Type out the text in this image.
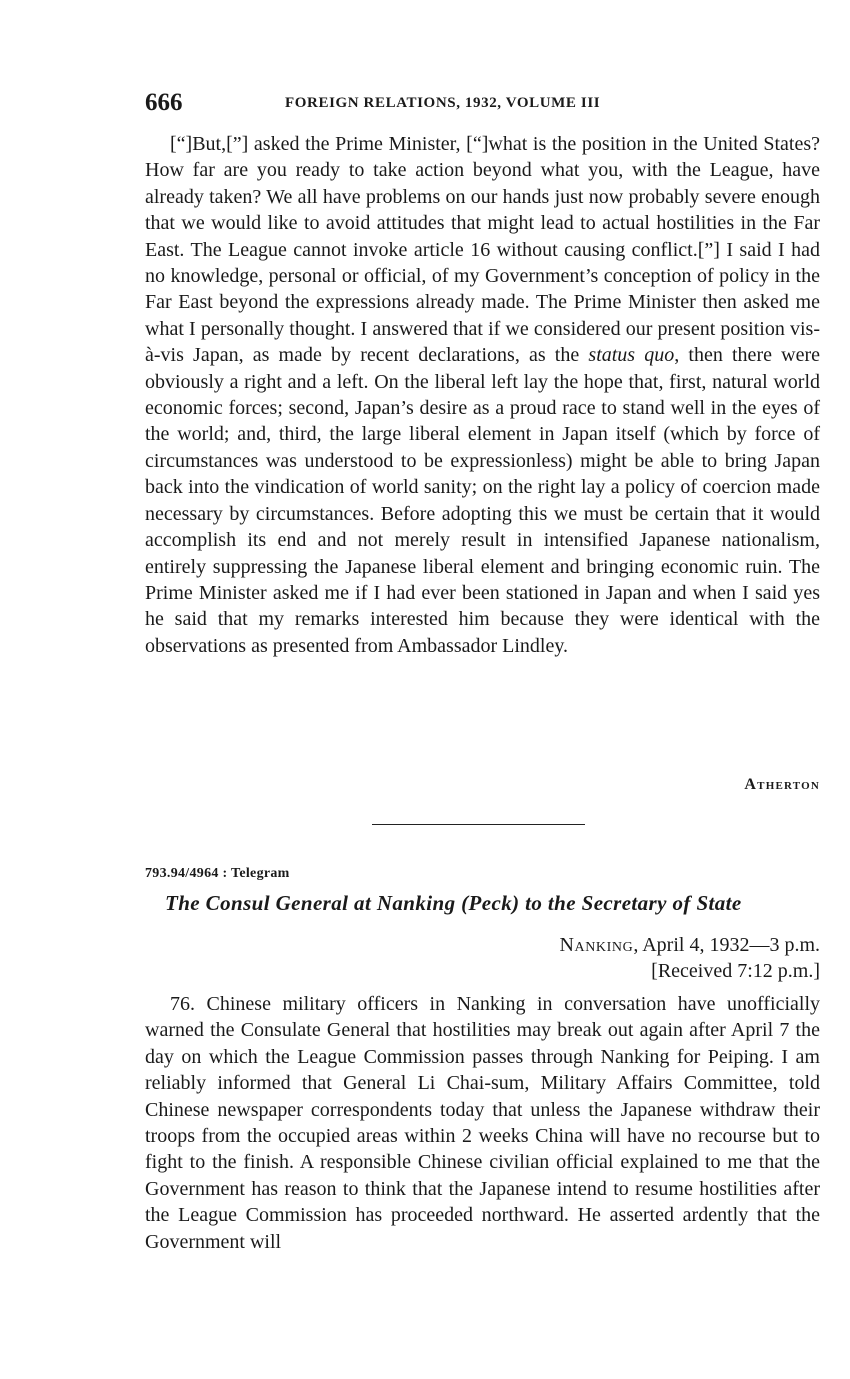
666	FOREIGN RELATIONS, 1932, VOLUME III

[“]But,[”] asked the Prime Minister, [“]what is the position in the United States? How far are you ready to take action beyond what you, with the League, have already taken? We all have problems on our hands just now probably severe enough that we would like to avoid attitudes that might lead to actual hostilities in the Far East. The League cannot invoke article 16 without causing conflict.[”] I said I had no knowledge, personal or official, of my Government’s conception of policy in the Far East beyond the expressions already made. The Prime Minister then asked me what I personally thought. I answered that if we considered our present position vis-à-vis Japan, as made by recent declarations, as the status quo, then there were obviously a right and a left. On the liberal left lay the hope that, first, natural world economic forces; second, Japan’s desire as a proud race to stand well in the eyes of the world; and, third, the large liberal element in Japan itself (which by force of circumstances was understood to be expressionless) might be able to bring Japan back into the vindication of world sanity; on the right lay a policy of coercion made necessary by circumstances. Before adopting this we must be certain that it would accomplish its end and not merely result in intensified Japanese nationalism, entirely suppressing the Japanese liberal element and bringing economic ruin. The Prime Minister asked me if I had ever been stationed in Japan and when I said yes he said that my remarks interested him because they were identical with the observations as presented from Ambassador Lindley.

Atherton
793.94/4964 : Telegram
The Consul General at Nanking (Peck) to the Secretary of State
Nanking, April 4, 1932—3 p.m.
[Received 7:12 p.m.]

76. Chinese military officers in Nanking in conversation have unofficially warned the Consulate General that hostilities may break out again after April 7 the day on which the League Commission passes through Nanking for Peiping. I am reliably informed that General Li Chai-sum, Military Affairs Committee, told Chinese newspaper correspondents today that unless the Japanese withdraw their troops from the occupied areas within 2 weeks China will have no recourse but to fight to the finish. A responsible Chinese civilian official explained to me that the Government has reason to think that the Japanese intend to resume hostilities after the League Commission has proceeded northward. He asserted ardently that the Government will
